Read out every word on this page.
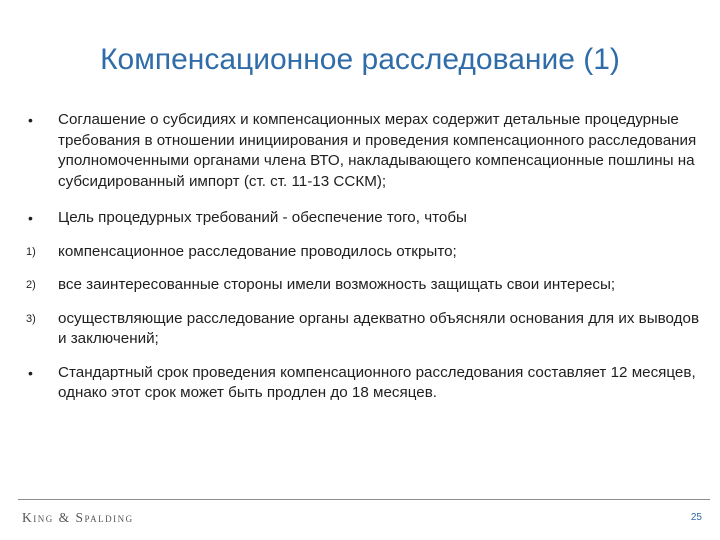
Компенсационное расследование (1)
• Соглашение о субсидиях и компенсационных мерах содержит детальные процедурные требования в отношении инициирования и проведения компенсационного расследования уполномоченными органами члена ВТО, накладывающего компенсационные пошлины на субсидированный импорт (ст. ст. 11-13 ССКМ);
• Цель процедурных требований - обеспечение того, чтобы
1) компенсационное расследование проводилось открыто;
2) все заинтересованные стороны имели возможность защищать свои интересы;
3) осуществляющие расследование органы адекватно объясняли основания для их выводов и заключений;
• Стандартный срок проведения компенсационного расследования составляет 12 месяцев, однако этот срок может быть продлен до 18 месяцев.
King & Spalding	25
